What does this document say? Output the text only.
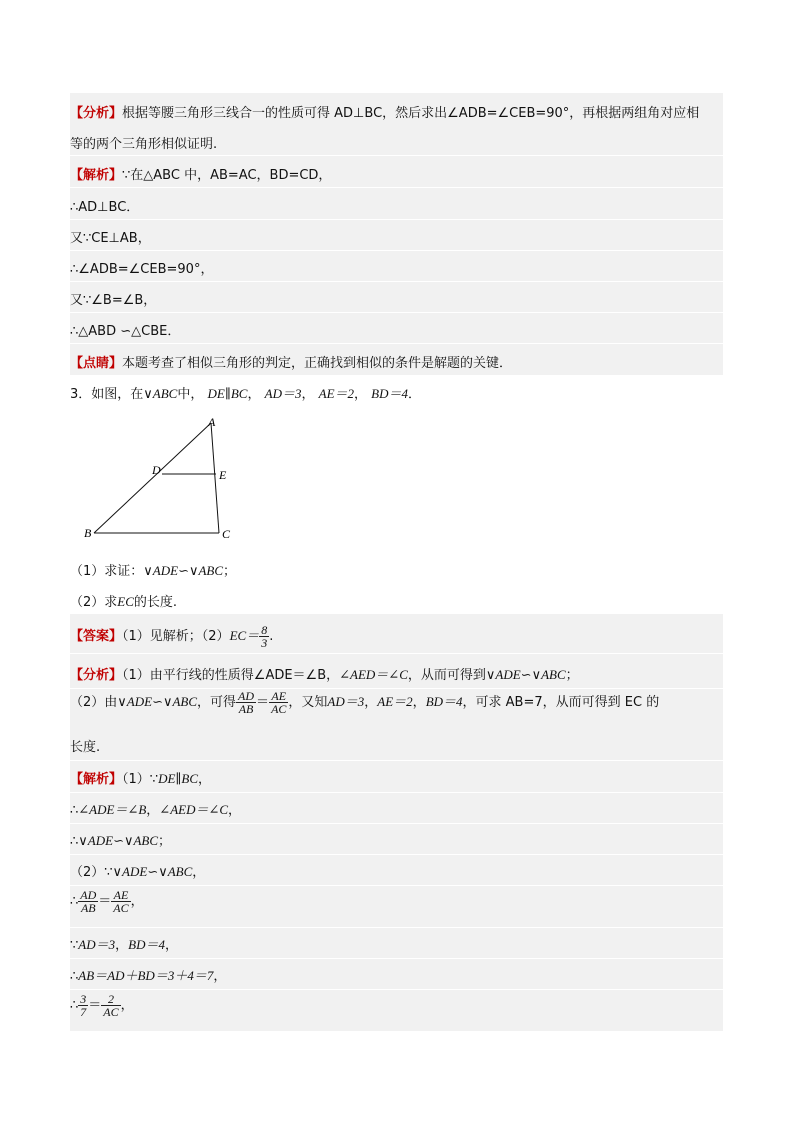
【分析】根据等腰三角形三线合一的性质可得 AD⊥BC，然后求出∠ADB=∠CEB=90°，再根据两组角对应相
等的两个三角形相似证明.
【解析】∵在△ABC 中，AB=AC，BD=CD，
∴AD⊥BC．
又∵CE⊥AB，
∴∠ADB=∠CEB=90°，
又∵∠B=∠B，
∴△ABD ∽△CBE．
【点睛】本题考查了相似三角形的判定，正确找到相似的条件是解题的关键．
3．如图，在∨ABC中， DE∥BC， AD＝3， AE＝2， BD＝4．
A
B	C
D	E
（1）求证：∨ADE∽∨ABC；
（2）求EC的长度.
【答案】（1）见解析；$(2)EC= \frac{8}{3}$ .
【分析】（1）由平行线的性质得∠ADE＝∠B，∠AED＝∠C，从而可得到∨ADE∽∨ABC；
（2）由∨ADE∽∨ABC，可得 $\frac{AD}{AB} = \frac{AE}{AC}$ ，又知AD＝3，AE＝2，BD＝4，可求 AB=7，从而可得到 EC 的
长度.
【解析】（1）∵DE∥BC，
∴∠ADE＝∠B，∠AED＝∠C，
∴∨ADE∽∨ABC；
（2）∵∨ADE∽∨ABC，
∴ $\frac{AD}{AB} = \frac{AE}{AC}$ ，
∵AD＝3，BD＝4，
∴AB＝AD＋BD＝3＋4＝7，
∴ $\frac{3}{7} = \frac{2}{AC}$ ，
